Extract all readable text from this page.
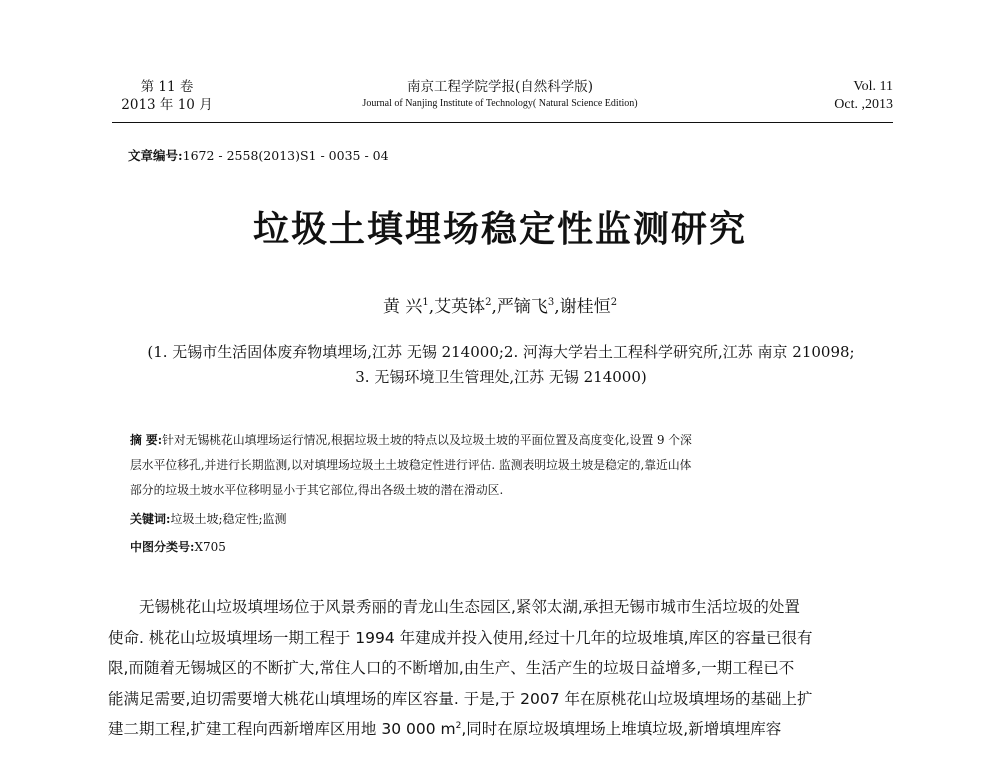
第 11 卷
2013 年 10 月
南京工程学院学报(自然科学版)
Journal of Nanjing Institute of Technology( Natural Science Edition)
Vol. 11
Oct. ,2013
文章编号:1672 - 2558(2013)S1 - 0035 - 04
垃圾土填埋场稳定性监测研究
黄 兴$^1$,艾英钵$^2$,严镝飞$^3$,谢桂恒$^2$
(1. 无锡市生活固体废弃物填埋场,江苏 无锡 214000;2. 河海大学岩土工程科学研究所,江苏 南京 210098;
3. 无锡环境卫生管理处,江苏 无锡 214000)
摘 要:针对无锡桃花山填埋场运行情况,根据垃圾土坡的特点以及垃圾土坡的平面位置及高度变化,设置 9 个深
层水平位移孔,并进行长期监测,以对填埋场垃圾土土坡稳定性进行评估. 监测表明垃圾土坡是稳定的,靠近山体
部分的垃圾土坡水平位移明显小于其它部位,得出各级土坡的潜在滑动区.
关键词:垃圾土坡;稳定性;监测
中图分类号:X705
无锡桃花山垃圾填埋场位于风景秀丽的青龙山生态园区,紧邻太湖,承担无锡市城市生活垃圾的处置
使命. 桃花山垃圾填埋场一期工程于 1994 年建成并投入使用,经过十几年的垃圾堆填,库区的容量已很有
限,而随着无锡城区的不断扩大,常住人口的不断增加,由生产、生活产生的垃圾日益增多,一期工程已不
能满足需要,迫切需要增大桃花山填埋场的库区容量. 于是,于 2007 年在原桃花山垃圾填埋场的基础上扩
建二期工程,扩建工程向西新增库区用地 30 000 $m^2$,同时在原垃圾填埋场上堆填垃圾,新增填埋库容
